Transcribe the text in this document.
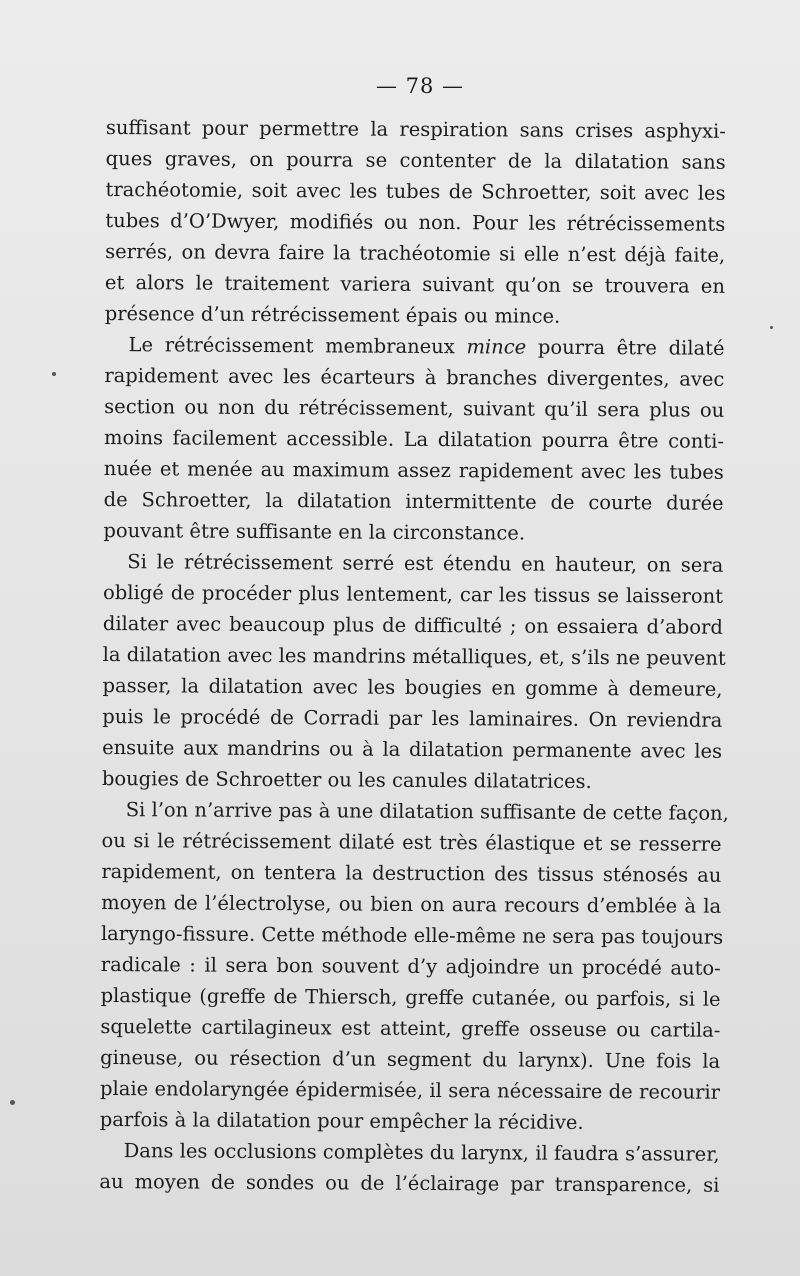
— 78 —

suffisant pour permettre la respiration sans crises asphyxi-
ques graves, on pourra se contenter de la dilatation sans
trachéotomie, soit avec les tubes de Schroetter, soit avec les
tubes d’O’Dwyer, modifiés ou non. Pour les rétrécissements
serrés, on devra faire la trachéotomie si elle n’est déjà faite,
et alors le traitement variera suivant qu’on se trouvera en
présence d’un rétrécissement épais ou mince.

Le rétrécissement membraneux mince pourra être dilaté
rapidement avec les écarteurs à branches divergentes, avec
section ou non du rétrécissement, suivant qu’il sera plus ou
moins facilement accessible. La dilatation pourra être conti-
nuée et menée au maximum assez rapidement avec les tubes
de Schroetter, la dilatation intermittente de courte durée
pouvant être suffisante en la circonstance.

Si le rétrécissement serré est étendu en hauteur, on sera
obligé de procéder plus lentement, car les tissus se laisseront
dilater avec beaucoup plus de difficulté ; on essaiera d’abord
la dilatation avec les mandrins métalliques, et, s’ils ne peuvent
passer, la dilatation avec les bougies en gomme à demeure,
puis le procédé de Corradi par les laminaires. On reviendra
ensuite aux mandrins ou à la dilatation permanente avec les
bougies de Schroetter ou les canules dilatatrices.

Si l’on n’arrive pas à une dilatation suffisante de cette façon,
ou si le rétrécissement dilaté est très élastique et se resserre
rapidement, on tentera la destruction des tissus sténosés au
moyen de l’électrolyse, ou bien on aura recours d’emblée à la
laryngo-fissure. Cette méthode elle-même ne sera pas toujours
radicale : il sera bon souvent d’y adjoindre un procédé auto-
plastique (greffe de Thiersch, greffe cutanée, ou parfois, si le
squelette cartilagineux est atteint, greffe osseuse ou cartila-
gineuse, ou résection d’un segment du larynx). Une fois la
plaie endolaryngée épidermisée, il sera nécessaire de recourir
parfois à la dilatation pour empêcher la récidive.

Dans les occlusions complètes du larynx, il faudra s’assurer,
au moyen de sondes ou de l’éclairage par transparence, si
